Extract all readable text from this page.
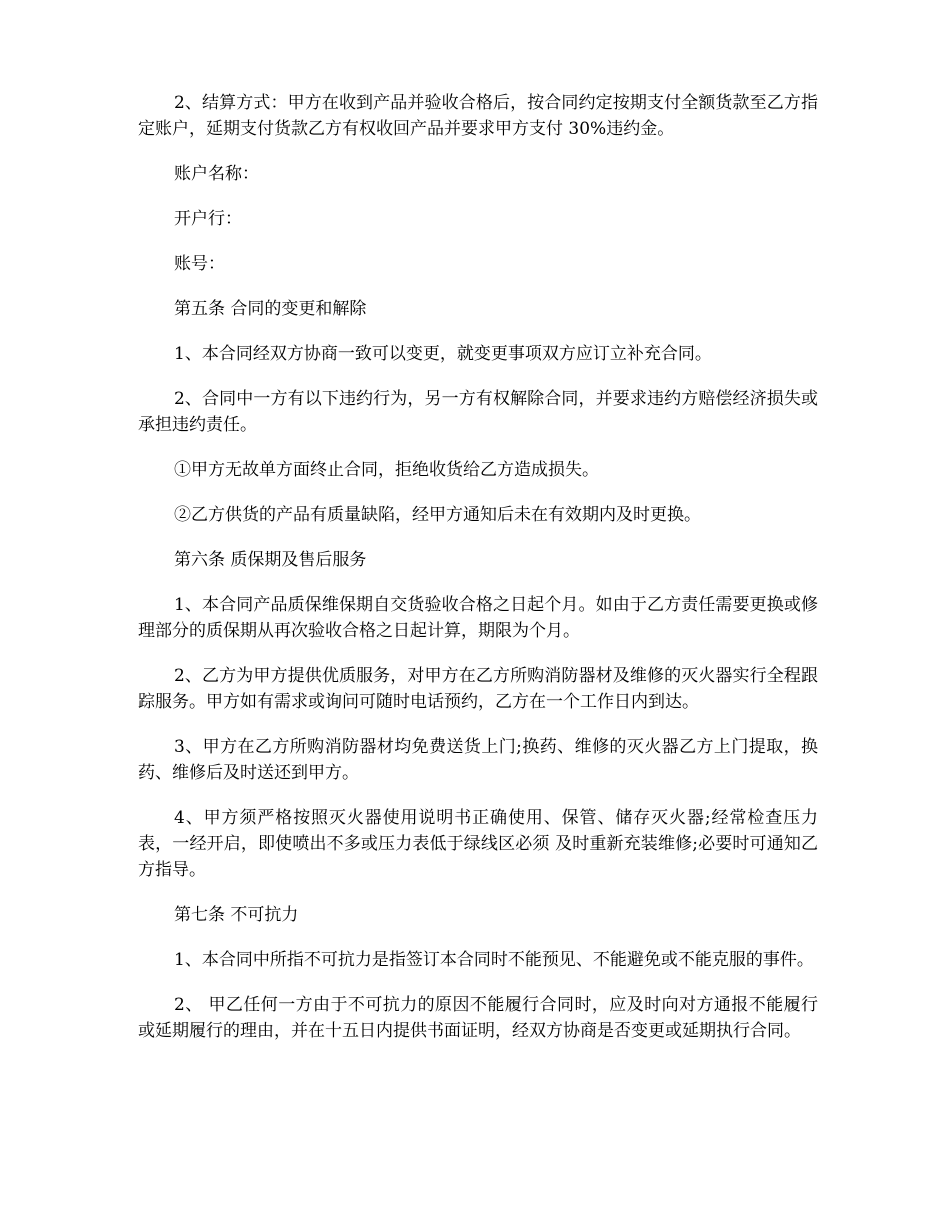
2、结算方式：甲方在收到产品并验收合格后，按合同约定按期支付全额货款至乙方指定账户，延期支付货款乙方有权收回产品并要求甲方支付 30%违约金。

账户名称：

开户行：

账号：

第五条 合同的变更和解除

1、本合同经双方协商一致可以变更，就变更事项双方应订立补充合同。

2、合同中一方有以下违约行为，另一方有权解除合同，并要求违约方赔偿经济损失或承担违约责任。

①甲方无故单方面终止合同，拒绝收货给乙方造成损失。

②乙方供货的产品有质量缺陷，经甲方通知后未在有效期内及时更换。

第六条 质保期及售后服务

1、本合同产品质保维保期自交货验收合格之日起个月。如由于乙方责任需要更换或修理部分的质保期从再次验收合格之日起计算，期限为个月。

2、乙方为甲方提供优质服务，对甲方在乙方所购消防器材及维修的灭火器实行全程跟踪服务。甲方如有需求或询问可随时电话预约，乙方在一个工作日内到达。

3、甲方在乙方所购消防器材均免费送货上门;换药、维修的灭火器乙方上门提取，换药、维修后及时送还到甲方。

4、甲方须严格按照灭火器使用说明书正确使用、保管、储存灭火器;经常检查压力表，一经开启，即使喷出不多或压力表低于绿线区必须 及时重新充装维修;必要时可通知乙方指导。

第七条 不可抗力

1、本合同中所指不可抗力是指签订本合同时不能预见、不能避免或不能克服的事件。

2、 甲乙任何一方由于不可抗力的原因不能履行合同时，应及时向对方通报不能履行或延期履行的理由，并在十五日内提供书面证明，经双方协商是否变更或延期执行合同。
